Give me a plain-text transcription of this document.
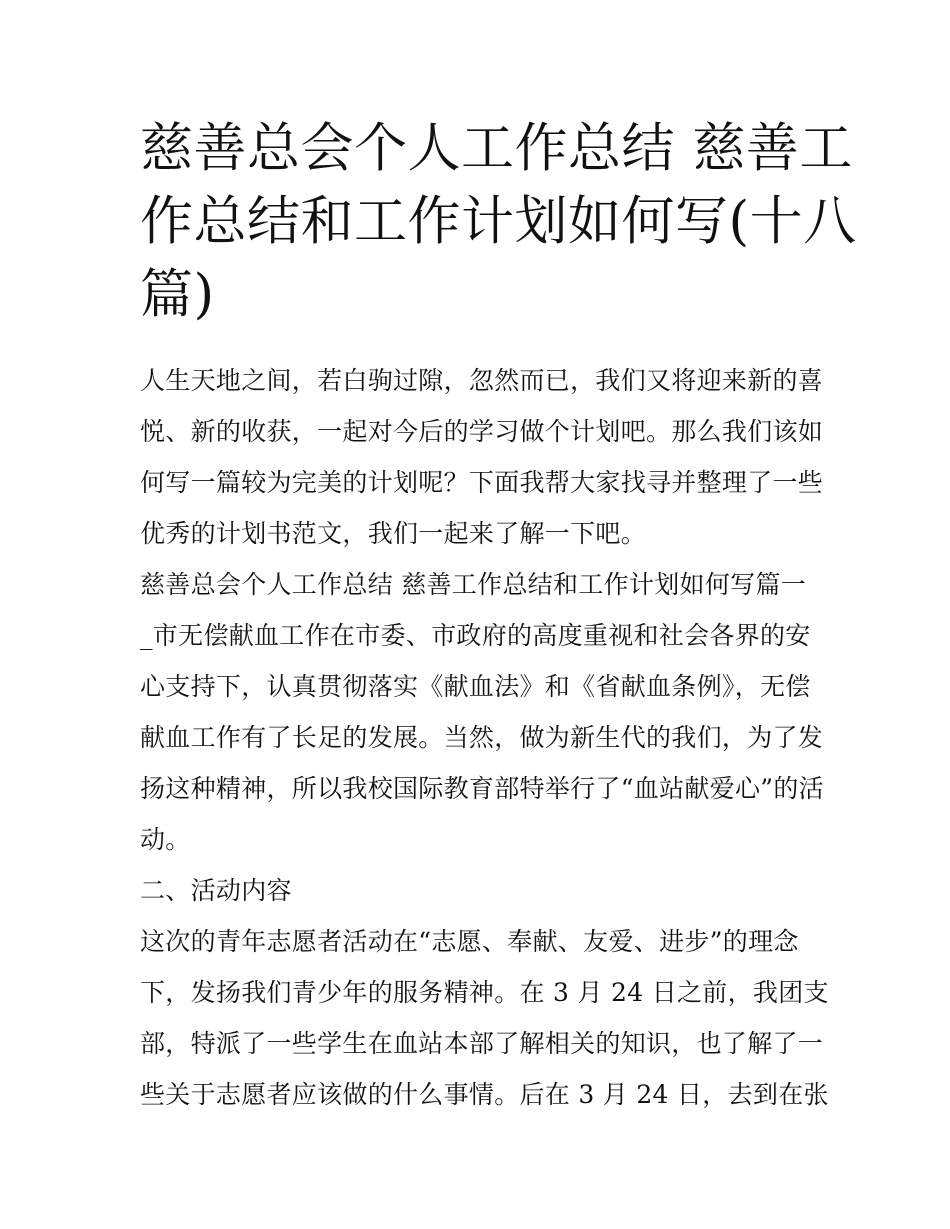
慈善总会个人工作总结 慈善工
作总结和工作计划如何写(十八
篇)
人生天地之间，若白驹过隙，忽然而已，我们又将迎来新的喜
悦、新的收获，一起对今后的学习做个计划吧。那么我们该如
何写一篇较为完美的计划呢？下面我帮大家找寻并整理了一些
优秀的计划书范文，我们一起来了解一下吧。
慈善总会个人工作总结 慈善工作总结和工作计划如何写篇一
_市无偿献血工作在市委、市政府的高度重视和社会各界的安
心支持下，认真贯彻落实《献血法》和《省献血条例》，无偿
献血工作有了长足的发展。当然，做为新生代的我们，为了发
扬这种精神，所以我校国际教育部特举行了“血站献爱心”的活
动。
二、活动内容
这次的青年志愿者活动在“志愿、奉献、友爱、进步”的理念
下，发扬我们青少年的服务精神。在 3 月 24 日之前，我团支
部，特派了一些学生在血站本部了解相关的知识，也了解了一
些关于志愿者应该做的什么事情。后在 3 月 24 日，去到在张
